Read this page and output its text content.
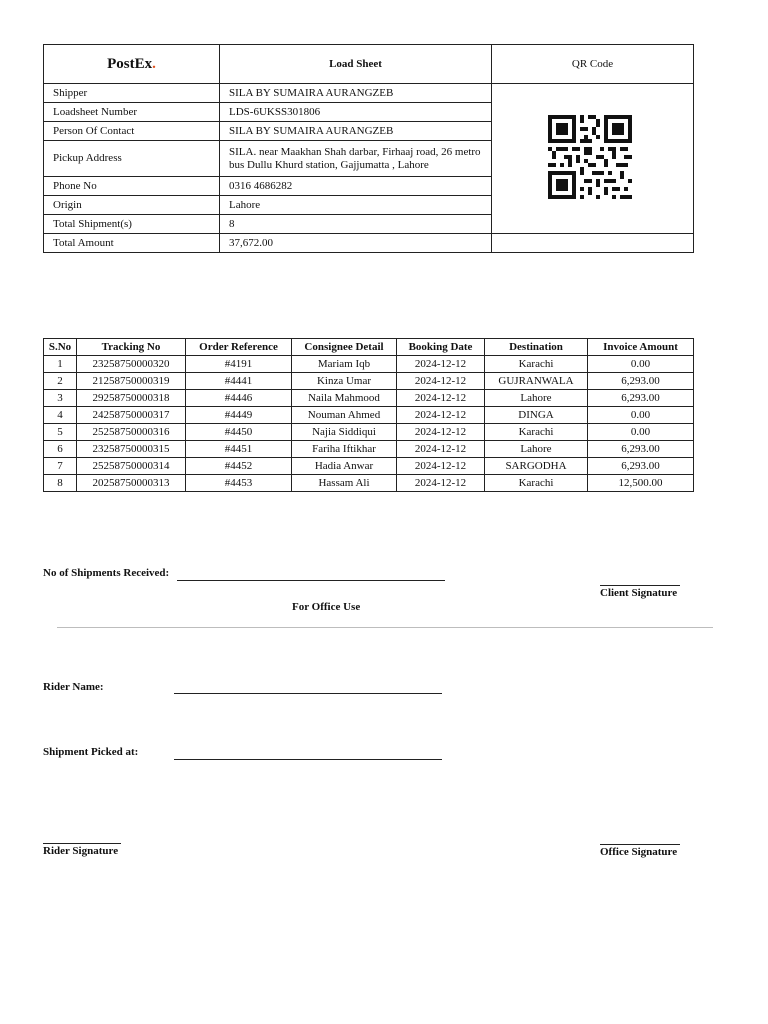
PostEx.	Load Sheet	QR Code
Shipper	SILA BY SUMAIRA AURANGZEB	
Loadsheet Number	LDS-6UKSS301806	
Person Of Contact	SILA BY SUMAIRA AURANGZEB	
Pickup Address	SILA. near Maakhan Shah darbar, Firhaaj road, 26 metro bus Dullu Khurd station, Gajjumatta , Lahore	
Phone No	0316 4686282	
Origin	Lahore	
Total Shipment(s)	8	
Total Amount	37,672.00	
S.No	Tracking No	Order Reference	Consignee Detail	Booking Date	Destination	Invoice Amount
1	23258750000320	#4191	Mariam Iqb	2024-12-12	Karachi	0.00
2	21258750000319	#4441	Kinza Umar	2024-12-12	GUJRANWALA	6,293.00
3	29258750000318	#4446	Naila Mahmood	2024-12-12	Lahore	6,293.00
4	24258750000317	#4449	Nouman Ahmed	2024-12-12	DINGA	0.00
5	25258750000316	#4450	Najia Siddiqui	2024-12-12	Karachi	0.00
6	23258750000315	#4451	Fariha Iftikhar	2024-12-12	Lahore	6,293.00
7	25258750000314	#4452	Hadia Anwar	2024-12-12	SARGODHA	6,293.00
8	20258750000313	#4453	Hassam Ali	2024-12-12	Karachi	12,500.00
No of Shipments Received:
Client Signature
For Office Use
Rider Name:
Shipment Picked at:
Rider Signature	Office Signature
